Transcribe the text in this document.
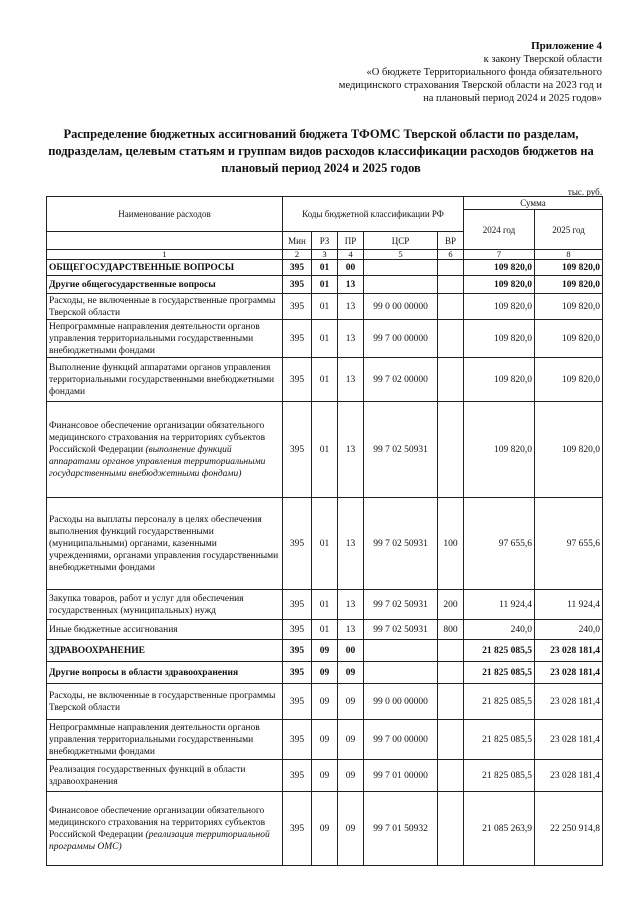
Приложение 4
к закону Тверской области
«О бюджете Территориального фонда обязательного
медицинского страхования Тверской области на 2023 год и
на плановый период 2024 и 2025 годов»
Распределение бюджетных ассигнований бюджета ТФОМС Тверской области по разделам,
подразделам, целевым статьям и группам видов расходов классификации расходов бюджетов на
плановый период 2024 и 2025 годов
тыс. руб.
Наименование расходов	Коды бюджетной классификации РФ					Сумма	
						2024 год	2025 год
	Мин	РЗ	ПР	ЦСР	ВР		
1	2	3	4	5	6	7	8
ОБЩЕГОСУДАРСТВЕННЫЕ ВОПРОСЫ	395	01	00			109 820,0	109 820,0
Другие общегосударственные вопросы	395	01	13			109 820,0	109 820,0
Расходы, не включенные в государственные программы Тверской области	395	01	13	99 0 00 00000		109 820,0	109 820,0
Непрограммные направления деятельности органов управления территориальными государственными внебюджетными фондами	395	01	13	99 7 00 00000		109 820,0	109 820,0
Выполнение функций аппаратами органов управления территориальными государственными внебюджетными фондами	395	01	13	99 7 02 00000		109 820,0	109 820,0
Финансовое обеспечение организации обязательного медицинского страхования на территориях субъектов Российской Федерации (выполнение функций аппаратами органов управления территориальными государственными внебюджетными фондами)	395	01	13	99 7 02 50931		109 820,0	109 820,0
Расходы на выплаты персоналу в целях обеспечения выполнения функций государственными (муниципальными) органами, казенными учреждениями, органами управления государственными внебюджетными фондами	395	01	13	99 7 02 50931	100	97 655,6	97 655,6
Закупка товаров, работ и услуг для обеспечения государственных (муниципальных) нужд	395	01	13	99 7 02 50931	200	11 924,4	11 924,4
Иные бюджетные ассигнования	395	01	13	99 7 02 50931	800	240,0	240,0
ЗДРАВООХРАНЕНИЕ	395	09	00			21 825 085,5	23 028 181,4
Другие вопросы в области здравоохранения	395	09	09			21 825 085,5	23 028 181,4
Расходы, не включенные в государственные программы Тверской области	395	09	09	99 0 00 00000		21 825 085,5	23 028 181,4
Непрограммные направления деятельности органов управления территориальными государственными внебюджетными фондами	395	09	09	99 7 00 00000		21 825 085,5	23 028 181,4
Реализация государственных функций в области здравоохранения	395	09	09	99 7 01 00000		21 825 085,5	23 028 181,4
Финансовое обеспечение организации обязательного медицинского страхования на территориях субъектов Российской Федерации (реализация территориальной программы ОМС)	395	09	09	99 7 01 50932		21 085 263,9	22 250 914,8
